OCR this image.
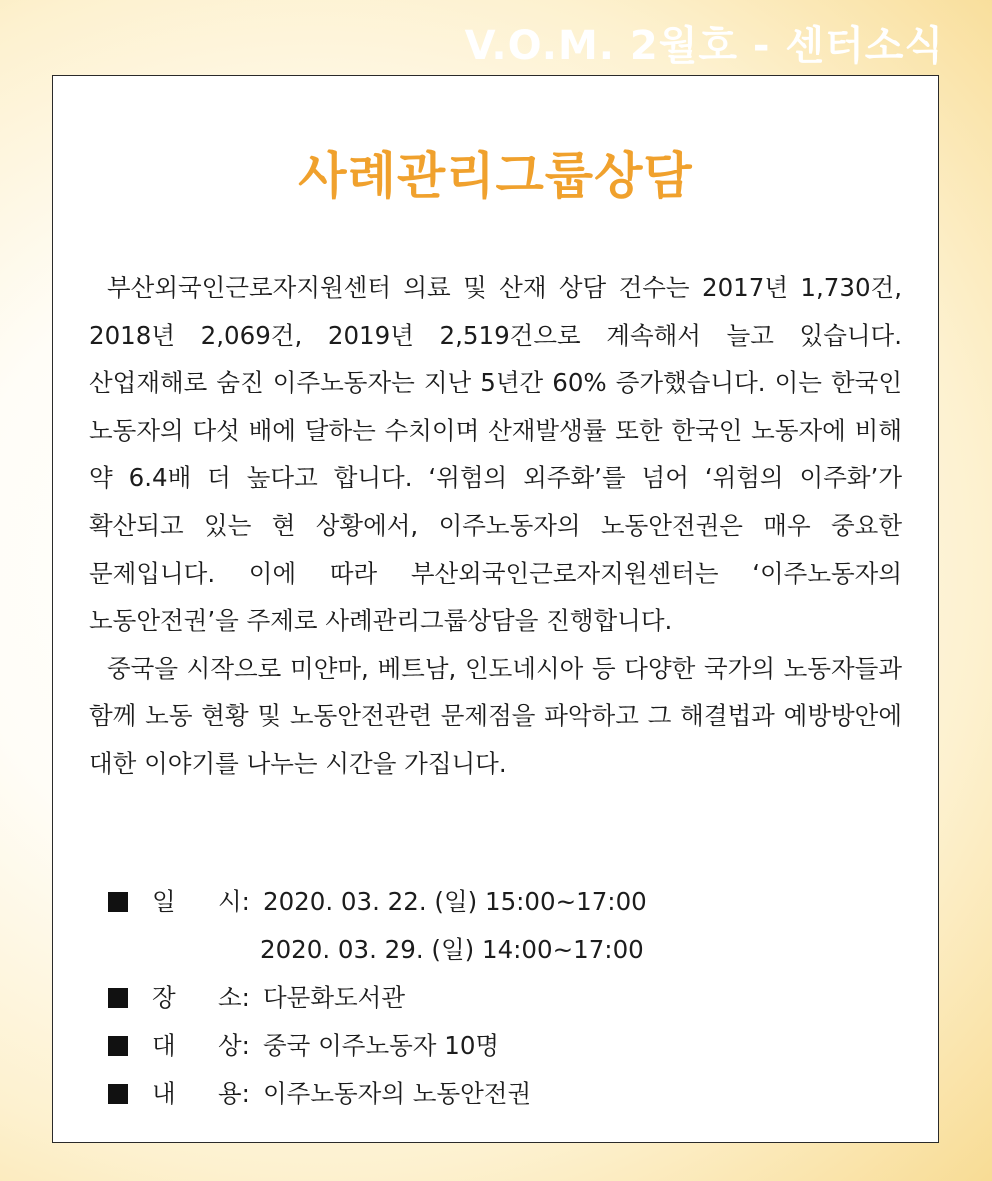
V.O.M. 2월호 - 센터소식
사례관리그룹상담

부산외국인근로자지원센터 의료 및 산재 상담 건수는 2017년 1,730건, 2018년 2,069건, 2019년 2,519건으로 계속해서 늘고 있습니다. 산업재해로 숨진 이주노동자는 지난 5년간 60% 증가했습니다. 이는 한국인 노동자의 다섯 배에 달하는 수치이며 산재발생률 또한 한국인 노동자에 비해 약 6.4배 더 높다고 합니다. ‘위험의 외주화’를 넘어 ‘위험의 이주화’가 확산되고 있는 현 상황에서, 이주노동자의 노동안전권은 매우 중요한 문제입니다. 이에 따라 부산외국인근로자지원센터는 ‘이주노동자의 노동안전권’을 주제로 사례관리그룹상담을 진행합니다.

중국을 시작으로 미얀마, 베트남, 인도네시아 등 다양한 국가의 노동자들과 함께 노동 현황 및 노동안전관련 문제점을 파악하고 그 해결법과 예방방안에 대한 이야기를 나누는 시간을 가집니다.

일 시: 2020. 03. 22. (일) 15:00~17:00
2020. 03. 29. (일) 14:00~17:00
장 소: 다문화도서관
대 상: 중국 이주노동자 10명
내 용: 이주노동자의 노동안전권
